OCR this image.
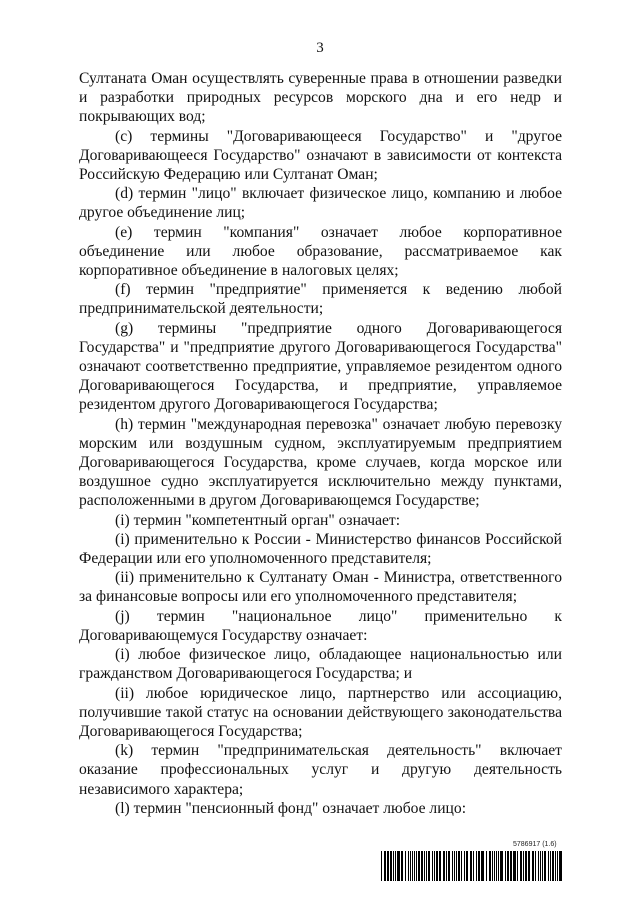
3

Султаната Оман осуществлять суверенные права в отношении разведки и разработки природных ресурсов морского дна и его недр и покрывающих вод;

(c) термины "Договаривающееся Государство" и "другое Договаривающееся Государство" означают в зависимости от контекста Российскую Федерацию или Султанат Оман;

(d) термин "лицо" включает физическое лицо, компанию и любое другое объединение лиц;

(e) термин "компания" означает любое корпоративное объединение или любое образование, рассматриваемое как корпоративное объединение в налоговых целях;

(f) термин "предприятие" применяется к ведению любой предпринимательской деятельности;

(g) термины "предприятие одного Договаривающегося Государства" и "предприятие другого Договаривающегося Государства" означают соответственно предприятие, управляемое резидентом одного Договаривающегося Государства, и предприятие, управляемое резидентом другого Договаривающегося Государства;

(h) термин "международная перевозка" означает любую перевозку морским или воздушным судном, эксплуатируемым предприятием Договаривающегося Государства, кроме случаев, когда морское или воздушное судно эксплуатируется исключительно между пунктами, расположенными в другом Договаривающемся Государстве;

(i) термин "компетентный орган" означает:

(i) применительно к России - Министерство финансов Российской Федерации или его уполномоченного представителя;

(ii) применительно к Султанату Оман - Министра, ответственного за финансовые вопросы или его уполномоченного представителя;

(j) термин "национальное лицо" применительно к Договаривающемуся Государству означает:

(i) любое физическое лицо, обладающее национальностью или гражданством Договаривающегося Государства; и

(ii) любое юридическое лицо, партнерство или ассоциацию, получившие такой статус на основании действующего законодательства Договаривающегося Государства;

(k) термин "предпринимательская деятельность" включает оказание профессиональных услуг и другую деятельность независимого характера;

(l) термин "пенсионный фонд" означает любое лицо:

5786917 (1.6)
